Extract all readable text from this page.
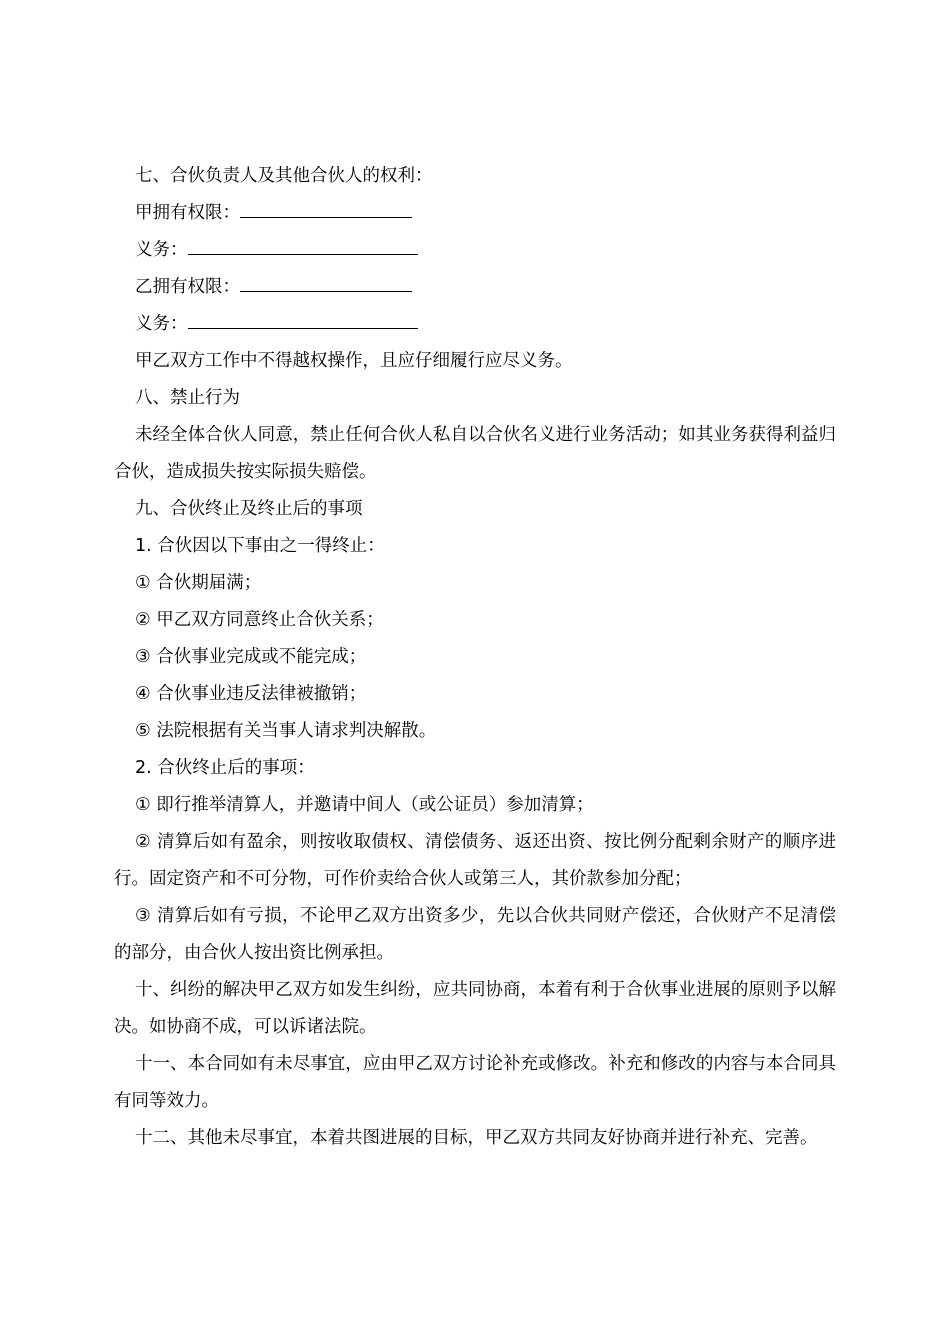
七、合伙负责人及其他合伙人的权利：

甲拥有权限：

义务：

乙拥有权限：

义务：

甲乙双方工作中不得越权操作，且应仔细履行应尽义务。

八、禁止行为

未经全体合伙人同意，禁止任何合伙人私自以合伙名义进行业务活动；如其业务获得利益归合伙，造成损失按实际损失赔偿。

九、合伙终止及终止后的事项

1. 合伙因以下事由之一得终止：

① 合伙期届满；

② 甲乙双方同意终止合伙关系；

③ 合伙事业完成或不能完成；

④ 合伙事业违反法律被撤销；

⑤ 法院根据有关当事人请求判决解散。

2. 合伙终止后的事项：

① 即行推举清算人，并邀请中间人（或公证员）参加清算；

② 清算后如有盈余，则按收取债权、清偿债务、返还出资、按比例分配剩余财产的顺序进行。固定资产和不可分物，可作价卖给合伙人或第三人，其价款参加分配；

③ 清算后如有亏损，不论甲乙双方出资多少，先以合伙共同财产偿还，合伙财产不足清偿的部分，由合伙人按出资比例承担。

十、纠纷的解决甲乙双方如发生纠纷，应共同协商，本着有利于合伙事业进展的原则予以解决。如协商不成，可以诉诸法院。

十一、本合同如有未尽事宜，应由甲乙双方讨论补充或修改。补充和修改的内容与本合同具有同等效力。

十二、其他未尽事宜，本着共图进展的目标，甲乙双方共同友好协商并进行补充、完善。
